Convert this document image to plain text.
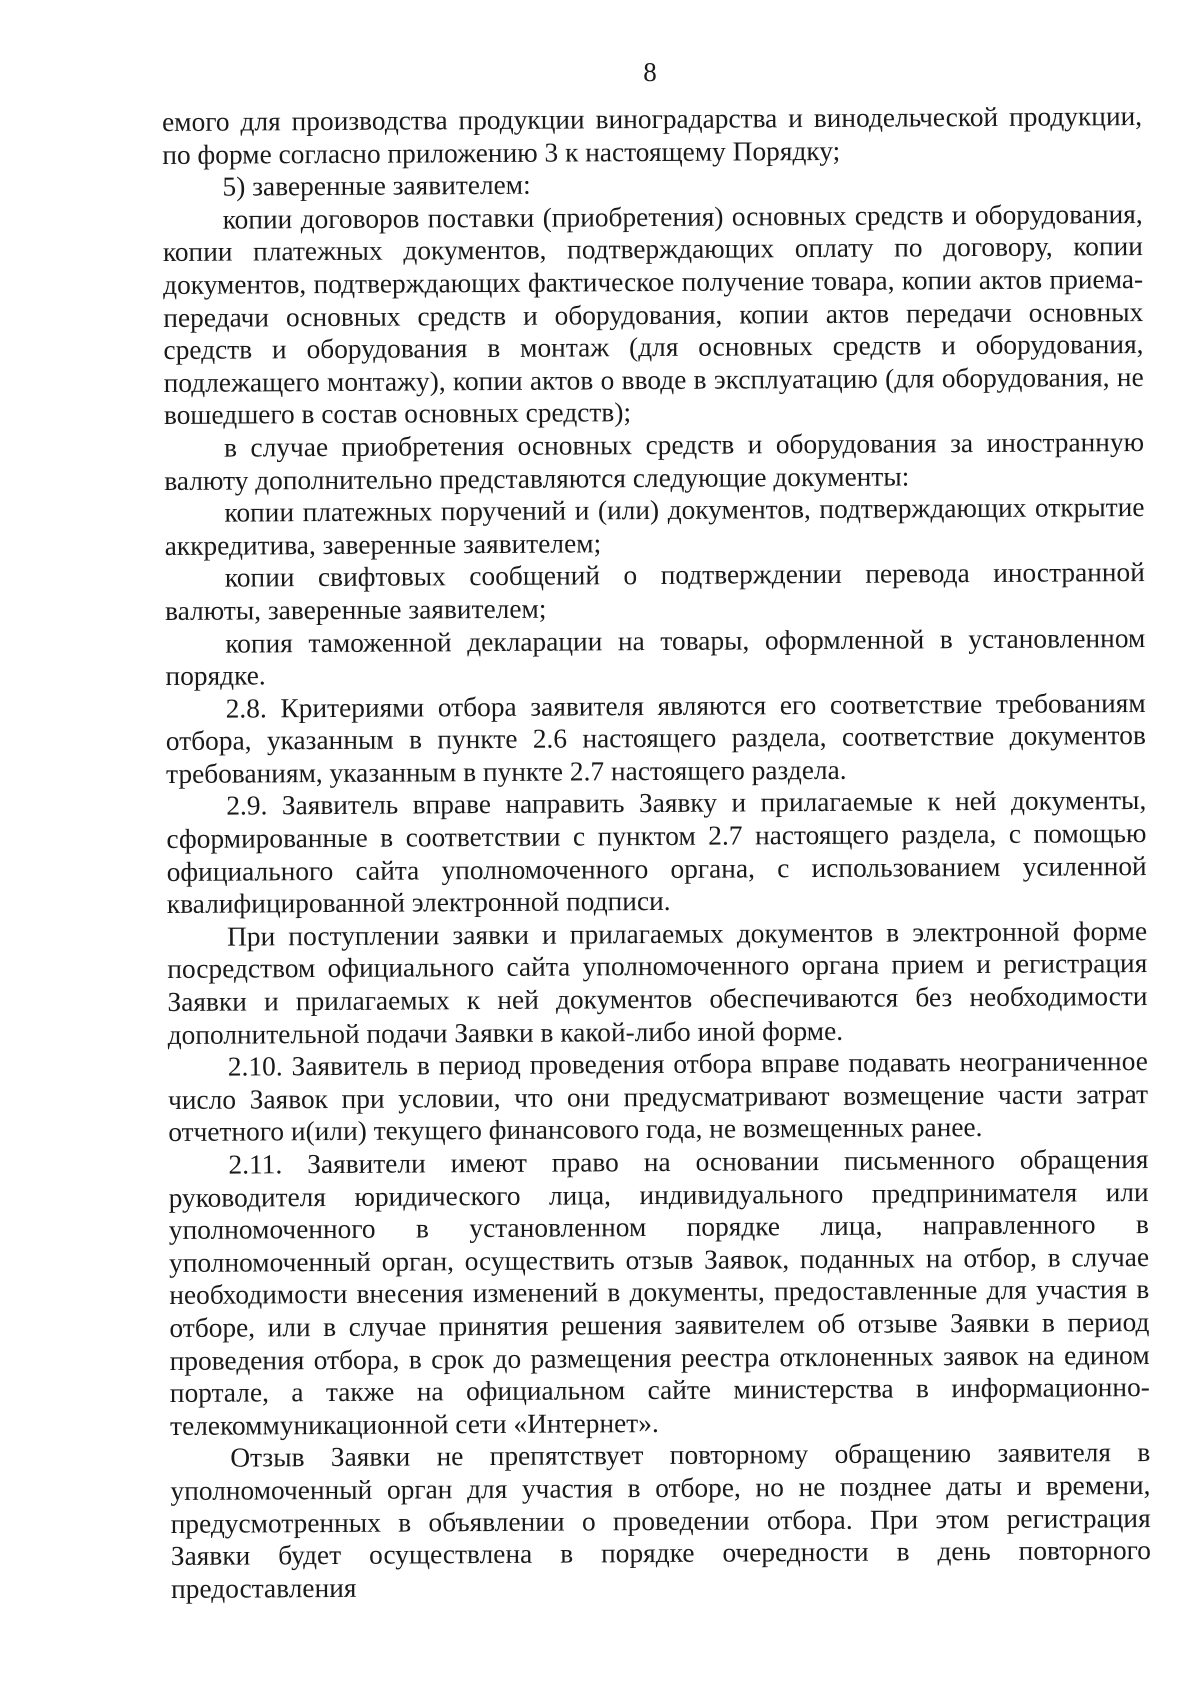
8

емого для производства продукции виноградарства и винодельческой продукции, по форме согласно приложению 3 к настоящему Порядку;

5) заверенные заявителем:

копии договоров поставки (приобретения) основных средств и оборудования, копии платежных документов, подтверждающих оплату по договору, копии документов, подтверждающих фактическое получение товара, копии актов приема-передачи основных средств и оборудования, копии актов передачи основных средств и оборудования в монтаж (для основных средств и оборудования, подлежащего монтажу), копии актов о вводе в эксплуатацию (для оборудования, не вошедшего в состав основных средств);

в случае приобретения основных средств и оборудования за иностранную валюту дополнительно представляются следующие документы:

копии платежных поручений и (или) документов, подтверждающих открытие аккредитива, заверенные заявителем;

копии свифтовых сообщений о подтверждении перевода иностранной валюты, заверенные заявителем;

копия таможенной декларации на товары, оформленной в установленном порядке.

2.8. Критериями отбора заявителя являются его соответствие требованиям отбора, указанным в пункте 2.6 настоящего раздела, соответствие документов требованиям, указанным в пункте 2.7 настоящего раздела.

2.9. Заявитель вправе направить Заявку и прилагаемые к ней документы, сформированные в соответствии с пунктом 2.7 настоящего раздела, с помощью официального сайта уполномоченного органа, с использованием усиленной квалифицированной электронной подписи.

При поступлении заявки и прилагаемых документов в электронной форме посредством официального сайта уполномоченного органа прием и регистрация Заявки и прилагаемых к ней документов обеспечиваются без необходимости дополнительной подачи Заявки в какой-либо иной форме.

2.10. Заявитель в период проведения отбора вправе подавать неограниченное число Заявок при условии, что они предусматривают возмещение части затрат отчетного и(или) текущего финансового года, не возмещенных ранее.

2.11. Заявители имеют право на основании письменного обращения руководителя юридического лица, индивидуального предпринимателя или уполномоченного в установленном порядке лица, направленного в уполномоченный орган, осуществить отзыв Заявок, поданных на отбор, в случае необходимости внесения изменений в документы, предоставленные для участия в отборе, или в случае принятия решения заявителем об отзыве Заявки в период проведения отбора, в срок до размещения реестра отклоненных заявок на едином портале, а также на официальном сайте министерства в информационно-телекоммуникационной сети «Интернет».

Отзыв Заявки не препятствует повторному обращению заявителя в уполномоченный орган для участия в отборе, но не позднее даты и времени, предусмотренных в объявлении о проведении отбора. При этом регистрация Заявки будет осуществлена в порядке очередности в день повторного предоставления
